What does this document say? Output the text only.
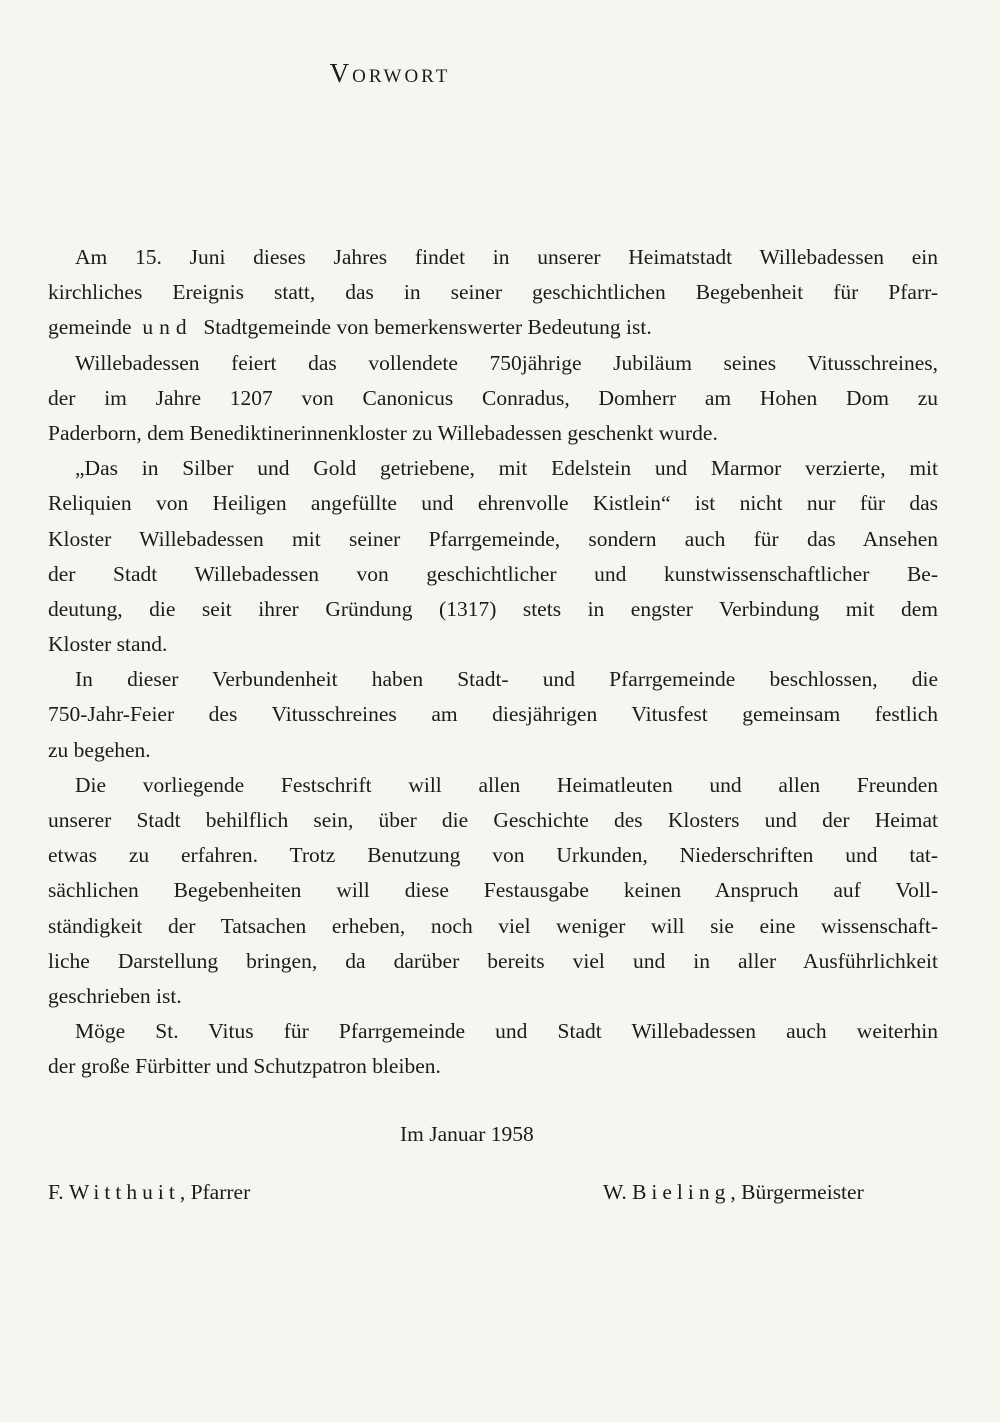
Vorwort
Am 15. Juni dieses Jahres findet in unserer Heimatstadt Willebadessen ein
kirchliches Ereignis statt, das in seiner geschichtlichen Begebenheit für Pfarr-
gemeinde und Stadtgemeinde von bemerkenswerter Bedeutung ist.
Willebadessen feiert das vollendete 750jährige Jubiläum seines Vitusschreines,
der im Jahre 1207 von Canonicus Conradus, Domherr am Hohen Dom zu
Paderborn, dem Benediktinerinnenkloster zu Willebadessen geschenkt wurde.
„Das in Silber und Gold getriebene, mit Edelstein und Marmor verzierte, mit
Reliquien von Heiligen angefüllte und ehrenvolle Kistlein“ ist nicht nur für das
Kloster Willebadessen mit seiner Pfarrgemeinde, sondern auch für das Ansehen
der Stadt Willebadessen von geschichtlicher und kunstwissenschaftlicher Be-
deutung, die seit ihrer Gründung (1317) stets in engster Verbindung mit dem
Kloster stand.
In dieser Verbundenheit haben Stadt- und Pfarrgemeinde beschlossen, die
750-Jahr-Feier des Vitusschreines am diesjährigen Vitusfest gemeinsam festlich
zu begehen.
Die vorliegende Festschrift will allen Heimatleuten und allen Freunden
unserer Stadt behilflich sein, über die Geschichte des Klosters und der Heimat
etwas zu erfahren. Trotz Benutzung von Urkunden, Niederschriften und tat-
sächlichen Begebenheiten will diese Festausgabe keinen Anspruch auf Voll-
ständigkeit der Tatsachen erheben, noch viel weniger will sie eine wissenschaft-
liche Darstellung bringen, da darüber bereits viel und in aller Ausführlichkeit
geschrieben ist.
Möge St. Vitus für Pfarrgemeinde und Stadt Willebadessen auch weiterhin
der große Fürbitter und Schutzpatron bleiben.
Im Januar 1958
F. Witthuit, Pfarrer	W. Bieling, Bürgermeister
